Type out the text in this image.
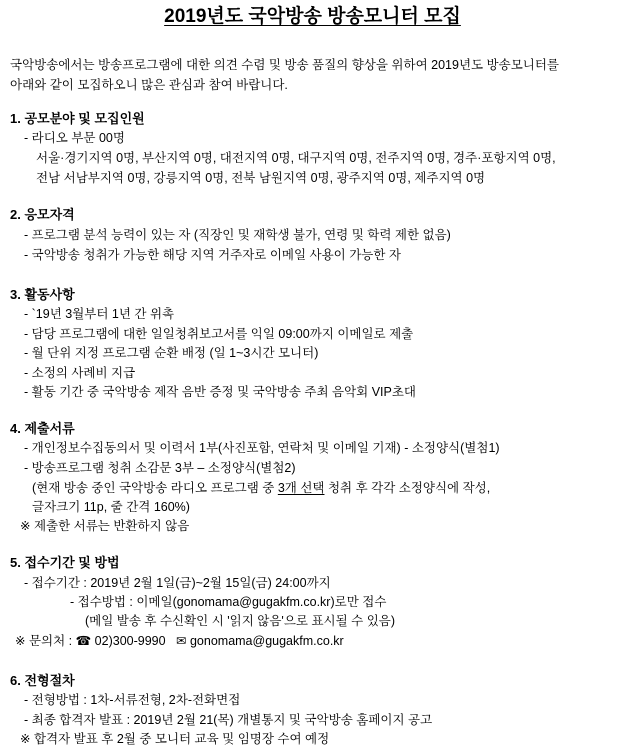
2019년도 국악방송 방송모니터 모집
국악방송에서는 방송프로그램에 대한 의견 수렴 및 방송 품질의 향상을 위하여 2019년도 방송모니터를
아래와 같이 모집하오니 많은 관심과 참여 바랍니다.
1. 공모분야 및 모집인원
- 라디오 부문 00명
서울·경기지역 0명, 부산지역 0명, 대전지역 0명, 대구지역 0명, 전주지역 0명, 경주·포항지역 0명,
전남 서남부지역 0명, 강릉지역 0명, 전북 남원지역 0명, 광주지역 0명, 제주지역 0명
2. 응모자격
- 프로그램 분석 능력이 있는 자 (직장인 및 재학생 불가, 연령 및 학력 제한 없음)
- 국악방송 청취가 가능한 해당 지역 거주자로 이메일 사용이 가능한 자
3. 활동사항
- `19년 3월부터 1년 간 위촉
- 담당 프로그램에 대한 일일청취보고서를 익일 09:00까지 이메일로 제출
- 월 단위 지정 프로그램 순환 배정 (일 1~3시간 모니터)
- 소정의 사례비 지급
- 활동 기간 중 국악방송 제작 음반 증정 및 국악방송 주최 음악회 VIP초대
4. 제출서류
- 개인정보수집동의서 및 이력서 1부(사진포함, 연락처 및 이메일 기재) - 소정양식(별첨1)
- 방송프로그램 청취 소감문 3부 – 소정양식(별첨2)
(현재 방송 중인 국악방송 라디오 프로그램 중 3개 선택 청취 후 각각 소정양식에 작성,
글자크기 11p, 줄 간격 160%)
※ 제출한 서류는 반환하지 않음
5. 접수기간 및 방법
- 접수기간 : 2019년 2월 1일(금)~2월 15일(금) 24:00까지
- 접수방법 : 이메일(gonomama@gugakfm.co.kr)로만 접수
(메일 발송 후 수신확인 시 '읽지 않음'으로 표시될 수 있음)
※ 문의처 : ☎ 02)300-9990 ✉ gonomama@gugakfm.co.kr
6. 전형절차
- 전형방법 : 1차-서류전형, 2차-전화면접
- 최종 합격자 발표 : 2019년 2월 21(목) 개별통지 및 국악방송 홈페이지 공고
※ 합격자 발표 후 2월 중 모니터 교육 및 임명장 수여 예정
